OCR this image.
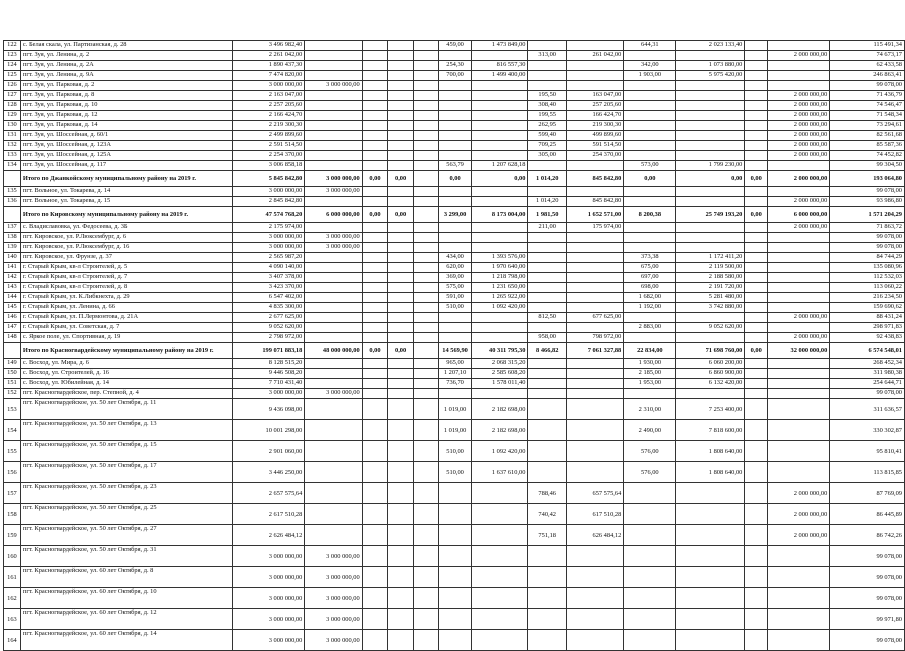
122	с. Белая скала, ул. Партизанская, д. 28	3 496 982,40					459,00	1 473 849,00			644,31	2 023 133,40			115 491,34
123	пгт. Зуя, ул. Ленина, д. 2	2 261 042,00							313,00	261 042,00				2 000 000,00	74 673,17
124	пгт. Зуя, ул. Ленина, д. 2А	1 890 437,30					254,30	816 557,30			342,00	1 073 880,00			62 433,58
125	пгт. Зуя, ул. Ленина, д. 9А	7 474 820,00					700,00	1 499 400,00			1 903,00	5 975 420,00			246 863,41
126	пгт. Зуя, ул. Парковая, д. 2	3 000 000,00	3 000 000,00												99 078,00
127	пгт. Зуя, ул. Парковая, д. 8	2 163 047,00							195,50	163 047,00				2 000 000,00	71 436,79
128	пгт. Зуя, ул. Парковая, д. 10	2 257 205,60							308,40	257 205,60				2 000 000,00	74 546,47
129	пгт. Зуя, ул. Парковая, д. 12	2 166 424,70							199,55	166 424,70				2 000 000,00	71 548,34
130	пгт. Зуя, ул. Парковая, д. 14	2 219 300,30							262,95	219 300,30				2 000 000,00	73 294,61
131	пгт. Зуя, ул. Шоссейная, д. 60/1	2 499 899,60							599,40	499 899,60				2 000 000,00	82 561,68
132	пгт. Зуя, ул. Шоссейная, д. 123А	2 591 514,50							709,25	591 514,50				2 000 000,00	85 587,36
133	пгт. Зуя, ул. Шоссейная, д. 125А	2 254 370,00							305,00	254 370,00				2 000 000,00	74 452,82
134	пгт. Зуя, ул. Шоссейная, д. 117	3 006 858,18					563,79	1 207 628,18			573,00	1 799 230,00			99 304,50
	Итого по Джанкойскому муниципальному району на 2019 г.	5 845 842,80	3 000 000,00	0,00	0,00		0,00	0,00	1 014,20	845 842,80	0,00	0,00	0,00	2 000 000,00	193 064,80
135	пгт. Вольное, ул. Токарева, д. 14	3 000 000,00	3 000 000,00												99 078,00
136	пгт. Вольное, ул. Токарева, д. 15	2 845 842,80							1 014,20	845 842,80				2 000 000,00	93 986,80
	Итого по Кировскому муниципальному району на 2019 г.	47 574 768,20	6 000 000,00	0,00	0,00		3 299,00	8 173 004,00	1 981,50	1 652 571,00	8 200,38	25 749 193,20	0,00	6 000 000,00	1 571 204,29
137	с. Владиславовка, ул. Федосеева, д. 3Б	2 175 974,00							211,00	175 974,00				2 000 000,00	71 863,72
138	пгт. Кировское, ул. Р.Люксембург, д. 6	3 000 000,00	3 000 000,00												99 078,00
139	пгт. Кировское, ул. Р.Люксембург, д. 16	3 000 000,00	3 000 000,00												99 078,00
140	пгт. Кировское, ул. Фрунзе, д. 37	2 565 987,20					434,00	1 393 576,00			373,38	1 172 411,20			84 744,29
141	г. Старый Крым, кв-л Строителей, д. 5	4 090 140,00					620,00	1 970 640,00			675,00	2 119 500,00			135 080,96
142	г. Старый Крым, кв-л Строителей, д. 7	3 407 378,00					369,00	1 218 798,00			697,00	2 188 580,00			112 532,03
143	г. Старый Крым, кв-л Строителей, д. 8	3 423 370,00					575,00	1 231 650,00			698,00	2 191 720,00			113 060,22
144	г. Старый Крым, ул. К.Либкнехта, д. 29	6 547 402,00					591,00	1 265 922,00			1 682,00	5 281 480,00			216 234,50
145	г. Старый Крым, ул. Ленина, д. 66	4 835 300,00					510,00	1 092 420,00			1 192,00	3 742 880,00			159 690,62
146	г. Старый Крым, ул. П.Лермонтова, д. 21А	2 677 625,00							812,50	677 625,00				2 000 000,00	88 431,24
147	г. Старый Крым, ул. Советская, д. 7	9 052 620,00									2 883,00	9 052 620,00			298 971,83
148	с. Яркое поле, ул. Спортивная, д. 19	2 798 972,00							958,00	798 972,00				2 000 000,00	92 438,83
	Итого по Красногвардейскому муниципальному району на 2019 г.	199 071 883,18	48 000 000,00	0,00	0,00		14 569,90	40 311 795,30	8 466,82	7 061 327,88	22 834,00	71 698 760,00	0,00	32 000 000,00	6 574 548,01
149	с. Восход, ул. Мира, д. 6	8 128 515,20					965,00	2 068 315,20			1 930,00	6 060 200,00			268 452,34
150	с. Восход, ул. Строителей, д. 16	9 446 508,20					1 207,10	2 585 608,20			2 185,00	6 860 900,00			311 980,38
151	с. Восход, ул. Юбилейная, д. 14	7 710 431,40					736,70	1 578 011,40			1 953,00	6 132 420,00			254 644,71
152	пгт. Красногвардейское, пер. Степной, д. 4	3 000 000,00	3 000 000,00												99 078,00
153	пгт. Красногвардейское, ул. 50 лет Октября, д. 11	9 436 098,00					1 019,00	2 182 698,00			2 310,00	7 253 400,00			311 636,57
154	пгт. Красногвардейское, ул. 50 лет Октября, д. 13	10 001 298,00					1 019,00	2 182 698,00			2 490,00	7 818 600,00			330 302,87
155	пгт. Красногвардейское, ул. 50 лет Октября, д. 15	2 901 060,00					510,00	1 092 420,00			576,00	1 808 640,00			95 810,41
156	пгт. Красногвардейское, ул. 50 лет Октября, д. 17	3 446 250,00					510,00	1 637 610,00			576,00	1 808 640,00			113 815,85
157	пгт. Красногвардейское, ул. 50 лет Октября, д. 23	2 657 575,64							788,46	657 575,64				2 000 000,00	87 769,09
158	пгт. Красногвардейское, ул. 50 лет Октября, д. 25	2 617 510,28							740,42	617 510,28				2 000 000,00	86 445,89
159	пгт. Красногвардейское, ул. 50 лет Октября, д. 27	2 626 484,12							751,18	626 484,12				2 000 000,00	86 742,26
160	пгт. Красногвардейское, ул. 50 лет Октября, д. 31	3 000 000,00	3 000 000,00												99 078,00
161	пгт. Красногвардейское, ул. 60 лет Октября, д. 8	3 000 000,00	3 000 000,00												99 078,00
162	пгт. Красногвардейское, ул. 60 лет Октября, д. 10	3 000 000,00	3 000 000,00												99 078,00
163	пгт. Красногвардейское, ул. 60 лет Октября, д. 12	3 000 000,00	3 000 000,00												99 971,80
164	пгт. Красногвардейское, ул. 60 лет Октября, д. 14	3 000 000,00	3 000 000,00												99 078,00
